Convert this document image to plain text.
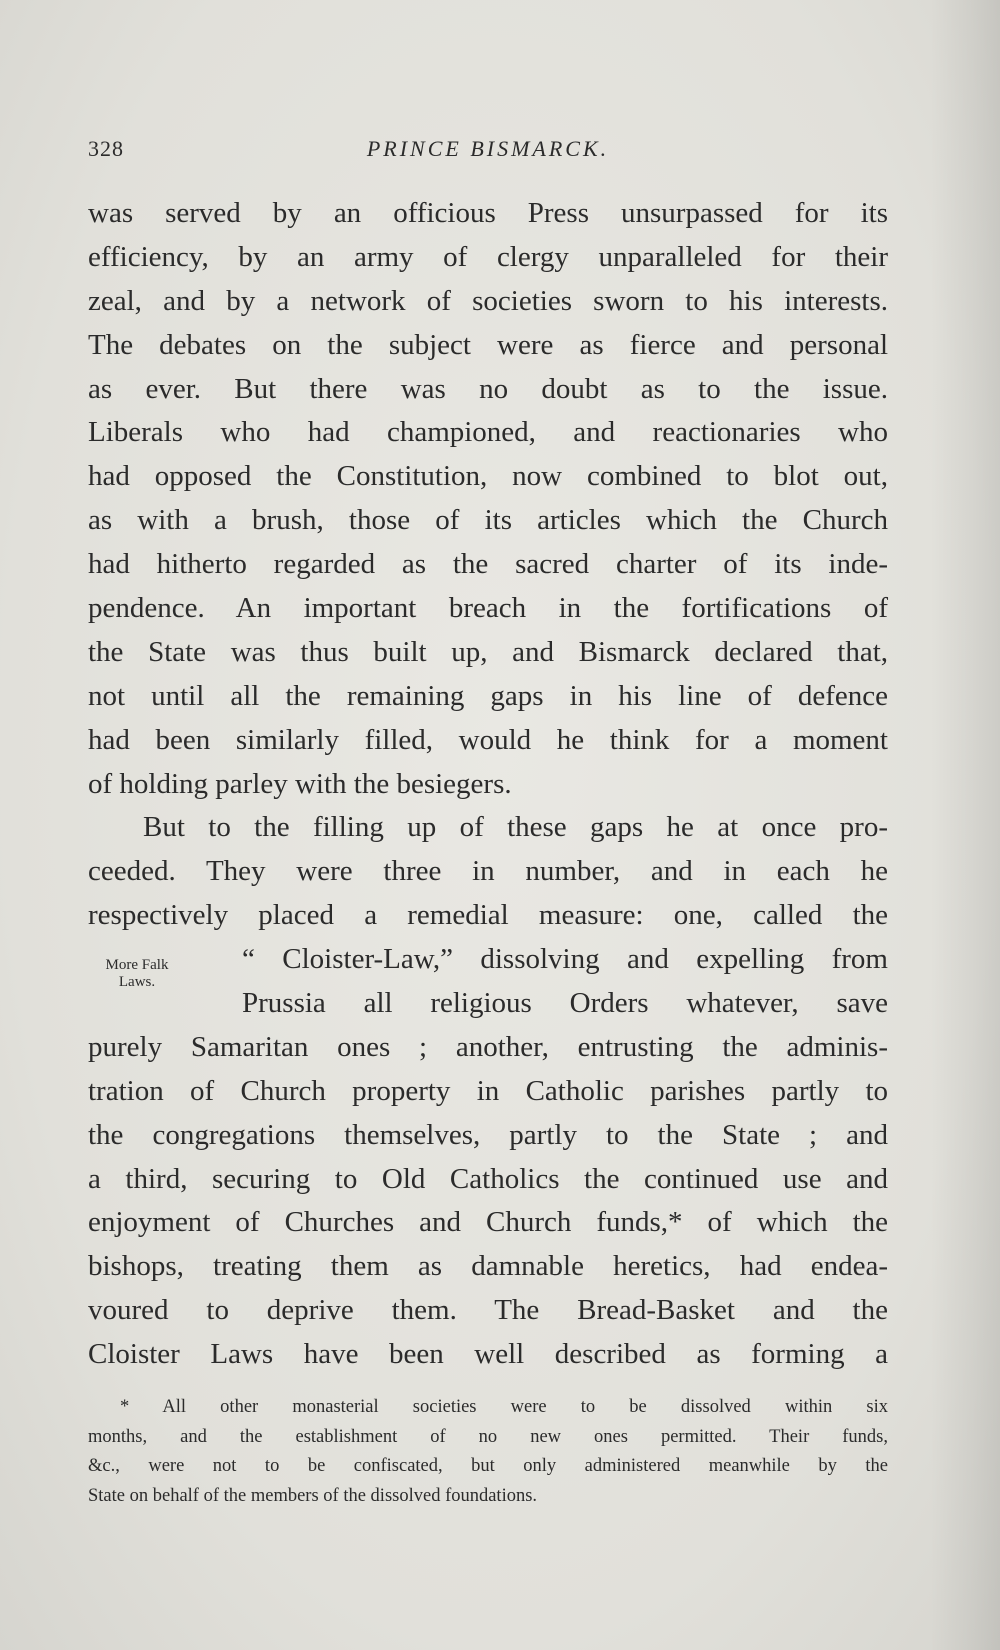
328	PRINCE BISMARCK.
was served by an officious Press unsurpassed for its
efficiency, by an army of clergy unparalleled for their
zeal, and by a network of societies sworn to his interests.
The debates on the subject were as fierce and personal
as ever. But there was no doubt as to the issue.
Liberals who had championed, and reactionaries who
had opposed the Constitution, now combined to blot out,
as with a brush, those of its articles which the Church
had hitherto regarded as the sacred charter of its inde-
pendence. An important breach in the fortifications of
the State was thus built up, and Bismarck declared that,
not until all the remaining gaps in his line of defence
had been similarly filled, would he think for a moment
of holding parley with the besiegers.
But to the filling up of these gaps he at once pro-
ceeded. They were three in number, and in each he
respectively placed a remedial measure: one, called the
“ Cloister-Law,” dissolving and expelling from
Prussia all religious Orders whatever, save
purely Samaritan ones ; another, entrusting the adminis-
tration of Church property in Catholic parishes partly to
the congregations themselves, partly to the State ; and
a third, securing to Old Catholics the continued use and
enjoyment of Churches and Church funds,* of which the
bishops, treating them as damnable heretics, had endea-
voured to deprive them. The Bread-Basket and the
Cloister Laws have been well described as forming a
More Falk
Laws.
* All other monasterial societies were to be dissolved within six
months, and the establishment of no new ones permitted. Their funds,
&c., were not to be confiscated, but only administered meanwhile by the
State on behalf of the members of the dissolved foundations.
